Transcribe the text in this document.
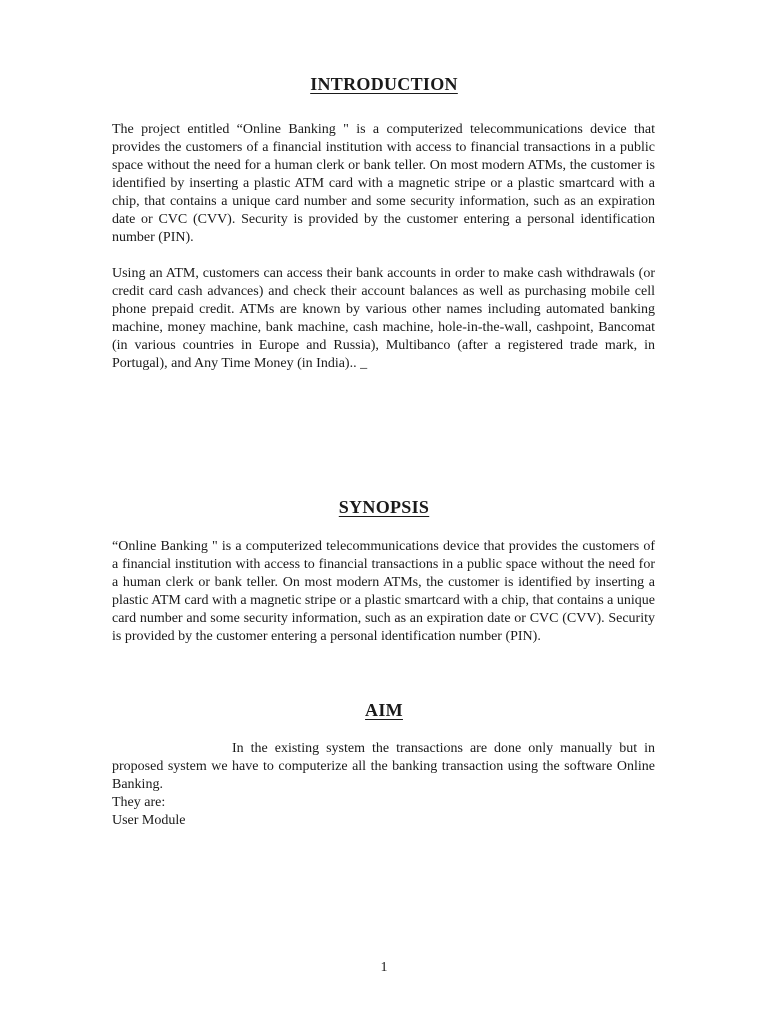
INTRODUCTION
The project entitled “Online Banking " is a computerized telecommunications device that provides the customers of a financial institution with access to financial transactions in a public space without the need for a human clerk or bank teller. On most modern ATMs, the customer is identified by inserting a plastic ATM card with a magnetic stripe or a plastic smartcard with a chip, that contains a unique card number and some security information, such as an expiration date or CVC (CVV). Security is provided by the customer entering a personal identification number (PIN).
Using an ATM, customers can access their bank accounts in order to make cash withdrawals (or credit card cash advances) and check their account balances as well as purchasing mobile cell phone prepaid credit. ATMs are known by various other names including automated banking machine, money machine, bank machine, cash machine, hole-in-the-wall, cashpoint, Bancomat (in various countries in Europe and Russia), Multibanco (after a registered trade mark, in Portugal), and Any Time Money (in India).. _
SYNOPSIS
“Online Banking " is a computerized telecommunications device that provides the customers of a financial institution with access to financial transactions in a public space without the need for a human clerk or bank teller. On most modern ATMs, the customer is identified by inserting a plastic ATM card with a magnetic stripe or a plastic smartcard with a chip, that contains a unique card number and some security information, such as an expiration date or CVC (CVV). Security is provided by the customer entering a personal identification number (PIN).
AIM
In the existing system the transactions are done only manually but in proposed system we have to computerize all the banking transaction using the software Online Banking.
They are:
User Module
1
